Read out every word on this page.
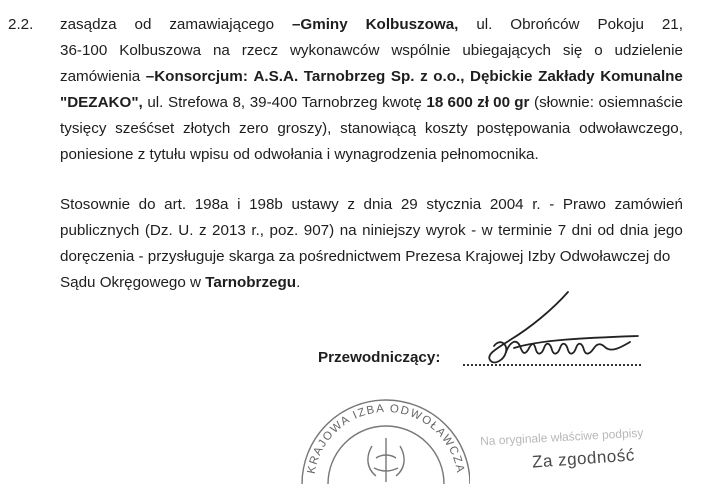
2.2. zasądza od zamawiającego –Gminy Kolbuszowa, ul. Obrońców Pokoju 21,
36-100 Kolbuszowa na rzecz wykonawców wspólnie ubiegających się o udzielenie
zamówienia –Konsorcjum: A.S.A. Tarnobrzeg Sp. z o.o., Dębickie Zakłady Komunalne
"DEZAKO", ul. Strefowa 8, 39-400 Tarnobrzeg kwotę 18 600 zł 00 gr (słownie: osiemnaście
tysięcy sześćset złotych zero groszy), stanowiącą koszty postępowania odwoławczego,
poniesione z tytułu wpisu od odwołania i wynagrodzenia pełnomocnika.
Stosownie do art. 198a i 198b ustawy z dnia 29 stycznia 2004 r. - Prawo zamówień
publicznych (Dz. U. z 2013 r., poz. 907) na niniejszy wyrok - w terminie 7 dni od dnia jego
doręczenia - przysługuje skarga za pośrednictwem Prezesa Krajowej Izby Odwoławczej do
Sądu Okręgowego w Tarnobrzegu.
Przewodniczący:
KRAJOWA IZBA ODWOŁAWCZA
Na oryginale właściwe podpisy
Za zgodność
